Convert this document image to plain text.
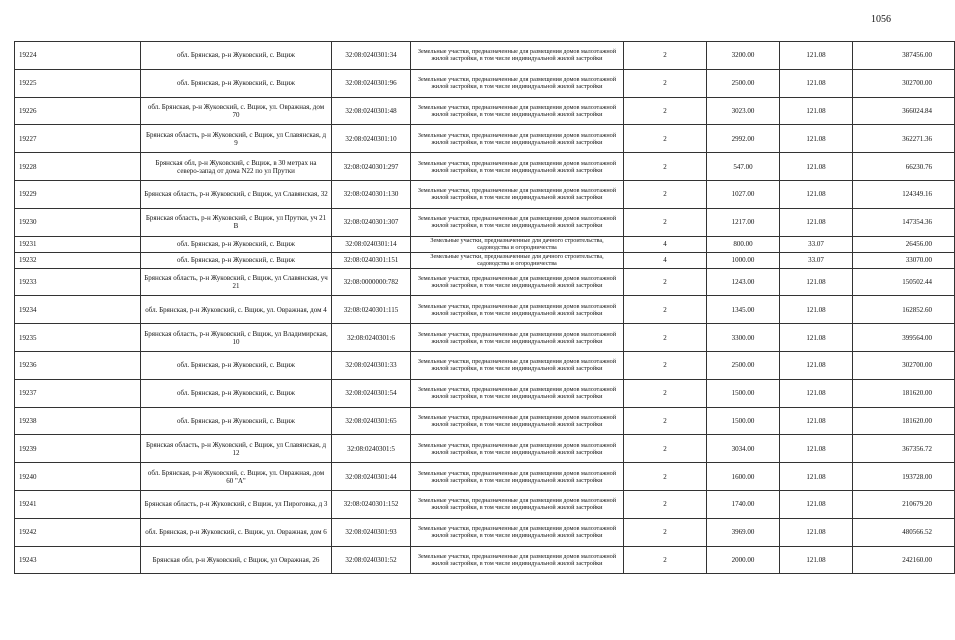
1056
19224	обл. Брянская, р-н Жуковский, с. Вщиж	32:08:0240301:34	Земельные участки, предназначенные для размещения домов малоэтажной жилой застройки, в том числе индивидуальной жилой застройки	2	3200.00	121.08	387456.00
19225	обл. Брянская, р-н Жуковский, с. Вщиж	32:08:0240301:96	Земельные участки, предназначенные для размещения домов малоэтажной жилой застройки, в том числе индивидуальной жилой застройки	2	2500.00	121.08	302700.00
19226	обл. Брянская, р-н Жуковский, с. Вщиж, ул. Овражная, дом 70	32:08:0240301:48	Земельные участки, предназначенные для размещения домов малоэтажной жилой застройки, в том числе индивидуальной жилой застройки	2	3023.00	121.08	366024.84
19227	Брянская область, р-н Жуковский, с Вщиж, ул Славянская, д 9	32:08:0240301:10	Земельные участки, предназначенные для размещения домов малоэтажной жилой застройки, в том числе индивидуальной жилой застройки	2	2992.00	121.08	362271.36
19228	Брянская обл, р-н Жуковский, с Вщиж, в 30 метрах на северо-запад от дома N22 по ул Прутки	32:08:0240301:297	Земельные участки, предназначенные для размещения домов малоэтажной жилой застройки, в том числе индивидуальной жилой застройки	2	547.00	121.08	66230.76
19229	Брянская область, р-н Жуковский, с Вщиж, ул Славянская, 32	32:08:0240301:130	Земельные участки, предназначенные для размещения домов малоэтажной жилой застройки, в том числе индивидуальной жилой застройки	2	1027.00	121.08	124349.16
19230	Брянская область, р-н Жуковский, с Вщиж, ул Прутки, уч 21 В	32:08:0240301:307	Земельные участки, предназначенные для размещения домов малоэтажной жилой застройки, в том числе индивидуальной жилой застройки	2	1217.00	121.08	147354.36
19231	обл. Брянская, р-н Жуковский, с. Вщиж	32:08:0240301:14	Земельные участки, предназначенные для дачного строительства, садоводства и огородничества	4	800.00	33.07	26456.00
19232	обл. Брянская, р-н Жуковский, с. Вщиж	32:08:0240301:151	Земельные участки, предназначенные для дачного строительства, садоводства и огородничества	4	1000.00	33.07	33070.00
19233	Брянская область, р-н Жуковский, с Вщиж, ул Славянская, уч 21	32:08:0000000:782	Земельные участки, предназначенные для размещения домов малоэтажной жилой застройки, в том числе индивидуальной жилой застройки	2	1243.00	121.08	150502.44
19234	обл. Брянская, р-н Жуковский, с. Вщиж, ул. Овражная, дом 4	32:08:0240301:115	Земельные участки, предназначенные для размещения домов малоэтажной жилой застройки, в том числе индивидуальной жилой застройки	2	1345.00	121.08	162852.60
19235	Брянская область, р-н Жуковский, с Вщиж, ул Владимирская, 10	32:08:0240301:6	Земельные участки, предназначенные для размещения домов малоэтажной жилой застройки, в том числе индивидуальной жилой застройки	2	3300.00	121.08	399564.00
19236	обл. Брянская, р-н Жуковский, с. Вщиж	32:08:0240301:33	Земельные участки, предназначенные для размещения домов малоэтажной жилой застройки, в том числе индивидуальной жилой застройки	2	2500.00	121.08	302700.00
19237	обл. Брянская, р-н Жуковский, с. Вщиж	32:08:0240301:54	Земельные участки, предназначенные для размещения домов малоэтажной жилой застройки, в том числе индивидуальной жилой застройки	2	1500.00	121.08	181620.00
19238	обл. Брянская, р-н Жуковский, с. Вщиж	32:08:0240301:65	Земельные участки, предназначенные для размещения домов малоэтажной жилой застройки, в том числе индивидуальной жилой застройки	2	1500.00	121.08	181620.00
19239	Брянская область, р-н Жуковский, с Вщиж, ул Славянская, д 12	32:08:0240301:5	Земельные участки, предназначенные для размещения домов малоэтажной жилой застройки, в том числе индивидуальной жилой застройки	2	3034.00	121.08	367356.72
19240	обл. Брянская, р-н Жуковский, с. Вщиж, ул. Овражная, дом 60 "А"	32:08:0240301:44	Земельные участки, предназначенные для размещения домов малоэтажной жилой застройки, в том числе индивидуальной жилой застройки	2	1600.00	121.08	193728.00
19241	Брянская область, р-н Жуковский, с Вщиж, ул Пироговка, д 3	32:08:0240301:152	Земельные участки, предназначенные для размещения домов малоэтажной жилой застройки, в том числе индивидуальной жилой застройки	2	1740.00	121.08	210679.20
19242	обл. Брянская, р-н Жуковский, с. Вщиж, ул. Овражная, дом 6	32:08:0240301:93	Земельные участки, предназначенные для размещения домов малоэтажной жилой застройки, в том числе индивидуальной жилой застройки	2	3969.00	121.08	480566.52
19243	Брянская обл, р-н Жуковский, с Вщиж, ул Овражная, 26	32:08:0240301:52	Земельные участки, предназначенные для размещения домов малоэтажной жилой застройки, в том числе индивидуальной жилой застройки	2	2000.00	121.08	242160.00
